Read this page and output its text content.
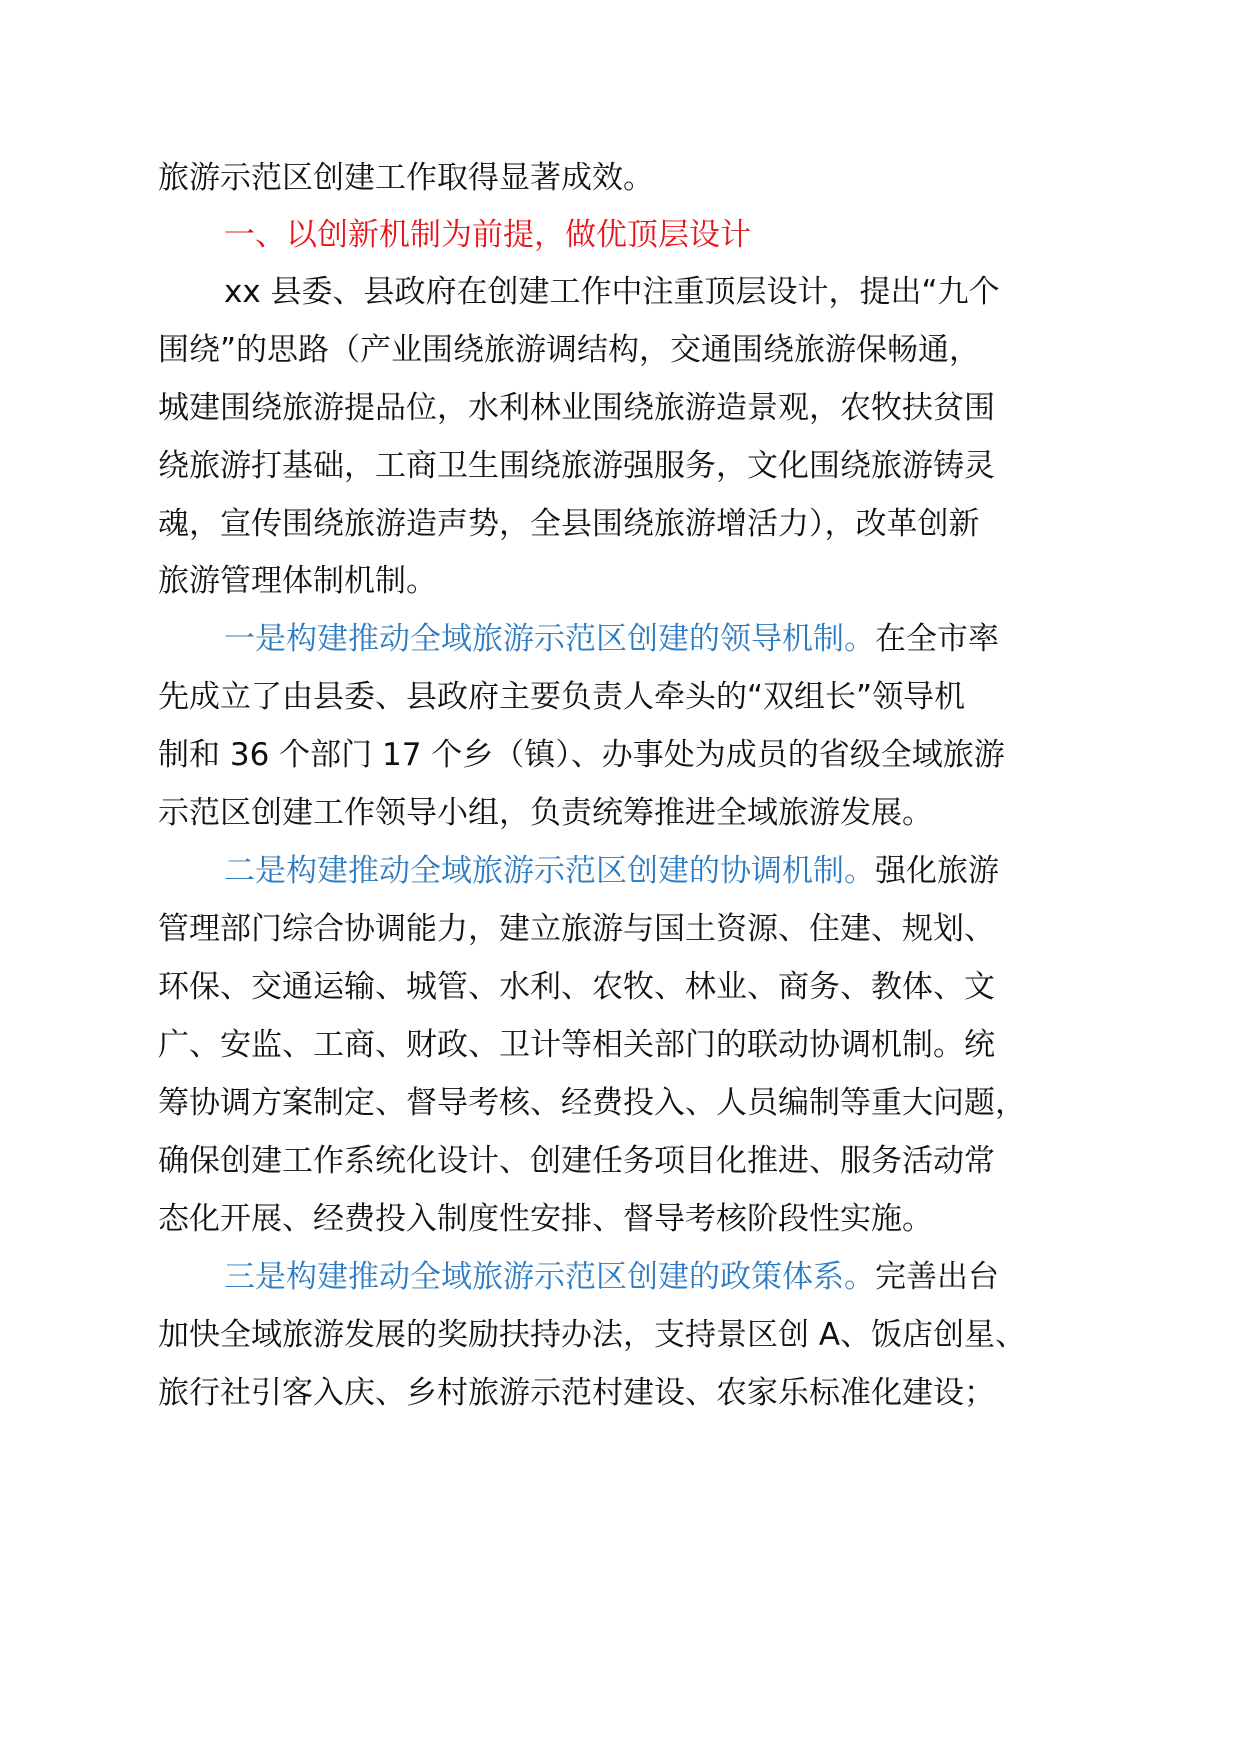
旅游示范区创建工作取得显著成效。
一、以创新机制为前提，做优顶层设计
xx 县委、县政府在创建工作中注重顶层设计，提出“九个
围绕”的思路（产业围绕旅游调结构，交通围绕旅游保畅通，
城建围绕旅游提品位，水利林业围绕旅游造景观，农牧扶贫围
绕旅游打基础，工商卫生围绕旅游强服务，文化围绕旅游铸灵
魂，宣传围绕旅游造声势，全县围绕旅游增活力），改革创新
旅游管理体制机制。
一是构建推动全域旅游示范区创建的领导机制。在全市率
先成立了由县委、县政府主要负责人牵头的“双组长”领导机
制和 36 个部门 17 个乡（镇）、办事处为成员的省级全域旅游
示范区创建工作领导小组，负责统筹推进全域旅游发展。
二是构建推动全域旅游示范区创建的协调机制。强化旅游
管理部门综合协调能力，建立旅游与国土资源、住建、规划、
环保、交通运输、城管、水利、农牧、林业、商务、教体、文
广、安监、工商、财政、卫计等相关部门的联动协调机制。统
筹协调方案制定、督导考核、经费投入、人员编制等重大问题，
确保创建工作系统化设计、创建任务项目化推进、服务活动常
态化开展、经费投入制度性安排、督导考核阶段性实施。
三是构建推动全域旅游示范区创建的政策体系。完善出台
加快全域旅游发展的奖励扶持办法，支持景区创 A、饭店创星、
旅行社引客入庆、乡村旅游示范村建设、农家乐标准化建设；
